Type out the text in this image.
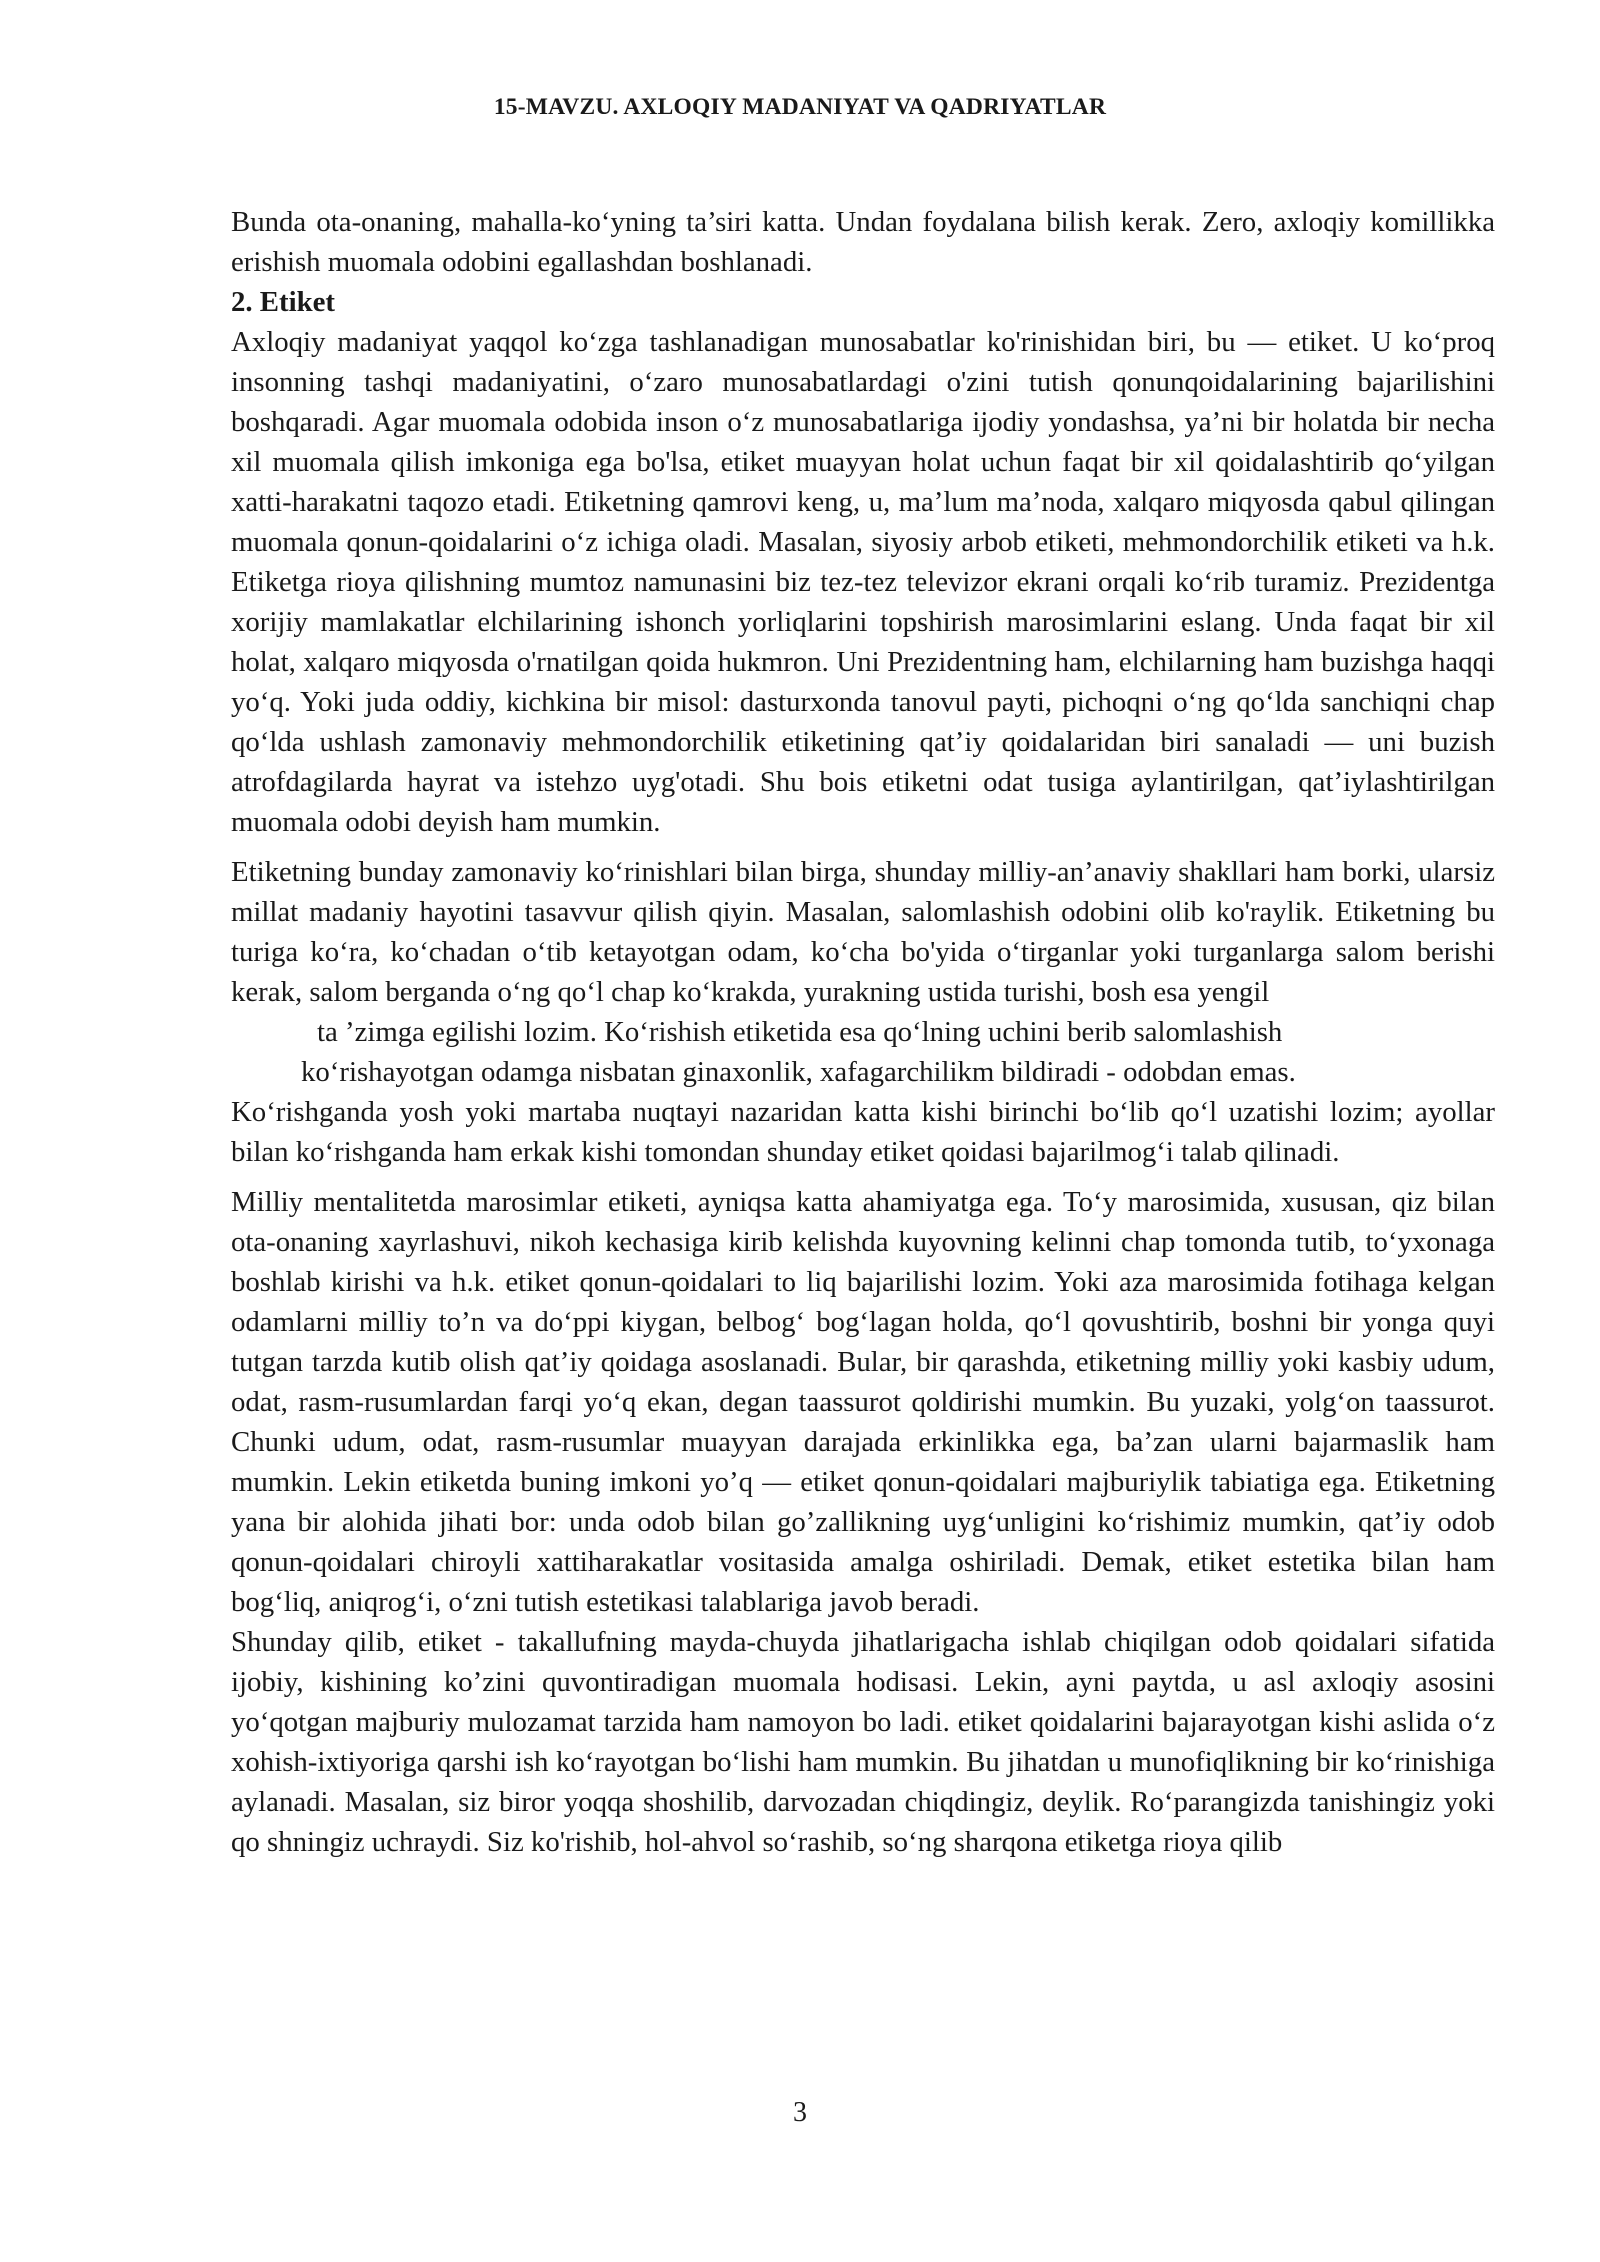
15-MAVZU. AXLOQIY MADANIYAT VA QADRIYATLAR

Bunda ota-onaning, mahalla-ko‘yning ta’siri katta. Undan foydalana bilish kerak. Zero, axloqiy komillikka erishish muomala odobini egallashdan boshlanadi.

2. Etiket

Axloqiy madaniyat yaqqol ko‘zga tashlanadigan munosabatlar ko'rinishidan biri, bu — etiket. U ko‘proq insonning tashqi madaniyatini, o‘zaro munosabatlardagi o'zini tutish qonunqoidalarining bajarilishini boshqaradi. Agar muomala odobida inson o‘z munosabatlariga ijodiy yondashsa, ya’ni bir holatda bir necha xil muomala qilish imkoniga ega bo'lsa, etiket muayyan holat uchun faqat bir xil qoidalashtirib qo‘yilgan xatti-harakatni taqozo etadi. Etiketning qamrovi keng, u, ma’lum ma’noda, xalqaro miqyosda qabul qilingan muomala qonun-qoidalarini o‘z ichiga oladi. Masalan, siyosiy arbob etiketi, mehmondorchilik etiketi va h.k. Etiketga rioya qilishning mumtoz namunasini biz tez-tez televizor ekrani orqali ko‘rib turamiz. Prezidentga xorijiy mamlakatlar elchilarining ishonch yorliqlarini topshirish marosimlarini eslang. Unda faqat bir xil holat, xalqaro miqyosda o'rnatilgan qoida hukmron. Uni Prezidentning ham, elchilarning ham buzishga haqqi yo‘q. Yoki juda oddiy, kichkina bir misol: dasturxonda tanovul payti, pichoqni o‘ng qo‘lda sanchiqni chap qo‘lda ushlash zamonaviy mehmondorchilik etiketining qat’iy qoidalaridan biri sanaladi — uni buzish atrofdagilarda hayrat va istehzo uyg'otadi. Shu bois etiketni odat tusiga aylantirilgan, qat’iylashtirilgan muomala odobi deyish ham mumkin.

Etiketning bunday zamonaviy ko‘rinishlari bilan birga, shunday milliy-an’anaviy shakllari ham borki, ularsiz millat madaniy hayotini tasavvur qilish qiyin. Masalan, salomlashish odobini olib ko'raylik. Etiketning bu turiga ko‘ra, ko‘chadan o‘tib ketayotgan odam, ko‘cha bo'yida o‘tirganlar yoki turganlarga salom berishi kerak, salom berganda o‘ng qo‘l chap ko‘krakda, yurakning ustida turishi, bosh esa yengil

ta ’zimga egilishi lozim. Ko‘rishish etiketida esa qo‘lning uchini berib salomlashish

ko‘rishayotgan odamga nisbatan ginaxonlik, xafagarchilikm bildiradi - odobdan emas.

Ko‘rishganda yosh yoki martaba nuqtayi nazaridan katta kishi birinchi bo‘lib qo‘l uzatishi lozim; ayollar bilan ko‘rishganda ham erkak kishi tomondan shunday etiket qoidasi bajarilmog‘i talab qilinadi.

Milliy mentalitetda marosimlar etiketi, ayniqsa katta ahamiyatga ega. To‘y marosimida, xususan, qiz bilan ota-onaning xayrlashuvi, nikoh kechasiga kirib kelishda kuyovning kelinni chap tomonda tutib, to‘yxonaga boshlab kirishi va h.k. etiket qonun-qoidalari to liq bajarilishi lozim. Yoki aza marosimida fotihaga kelgan odamlarni milliy to’n va do‘ppi kiygan, belbog‘ bog‘lagan holda, qo‘l qovushtirib, boshni bir yonga quyi tutgan tarzda kutib olish qat’iy qoidaga asoslanadi. Bular, bir qarashda, etiketning milliy yoki kasbiy udum, odat, rasm-rusumlardan farqi yo‘q ekan, degan taassurot qoldirishi mumkin. Bu yuzaki, yolg‘on taassurot. Chunki udum, odat, rasm-rusumlar muayyan darajada erkinlikka ega, ba’zan ularni bajarmaslik ham mumkin. Lekin etiketda buning imkoni yo’q — etiket qonun-qoidalari majburiylik tabiatiga ega. Etiketning yana bir alohida jihati bor: unda odob bilan go’zallikning uyg‘unligini ko‘rishimiz mumkin, qat’iy odob qonun-qoidalari chiroyli xattiharakatlar vositasida amalga oshiriladi. Demak, etiket estetika bilan ham bog‘liq, aniqrog‘i, o‘zni tutish estetikasi talablariga javob beradi.

Shunday qilib, etiket - takallufning mayda-chuyda jihatlarigacha ishlab chiqilgan odob qoidalari sifatida ijobiy, kishining ko’zini quvontiradigan muomala hodisasi. Lekin, ayni paytda, u asl axloqiy asosini yo‘qotgan majburiy mulozamat tarzida ham namoyon bo ladi. etiket qoidalarini bajarayotgan kishi aslida o‘z xohish-ixtiyoriga qarshi ish ko‘rayotgan bo‘lishi ham mumkin. Bu jihatdan u munofiqlikning bir ko‘rinishiga aylanadi. Masalan, siz biror yoqqa shoshilib, darvozadan chiqdingiz, deylik. Ro‘parangizda tanishingiz yoki qo shningiz uchraydi. Siz ko'rishib, hol-ahvol so‘rashib, so‘ng sharqona etiketga rioya qilib

3
